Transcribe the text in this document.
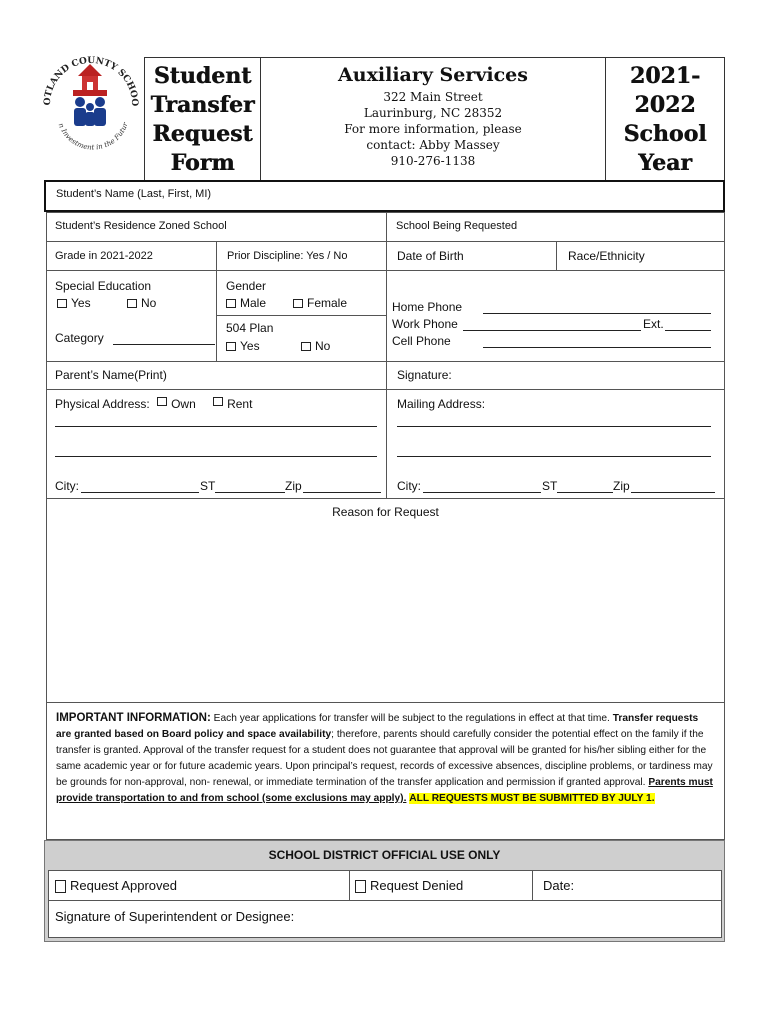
OTLAND COUNTY SCHOO
n Investment in the Futur
Student
Transfer
Request
Form
Auxiliary Services
322 Main Street
Laurinburg, NC 28352
For more information, please
contact: Abby Massey
910-276-1138
2021-2022
School
Year
Student’s Name (Last, First, MI)
Student’s Residence Zoned School	School Being Requested
Grade in 2021-2022	Prior Discipline: Yes / No	Date of Birth	Race/Ethnicity
Special Education
Yes	No
Category
Gender
Male	Female
504 Plan
Yes	No
Home Phone
Work Phone	Ext.
Cell Phone
Parent’s Name(Print)	Signature:
Physical Address: Own	Rent
City:	ST	Zip
Mailing Address:
City:	ST	Zip
Reason for Request

IMPORTANT INFORMATION: Each year applications for transfer will be subject to the regulations in effect at that time. Transfer requests are granted based on Board policy and space availability; therefore, parents should carefully consider the potential effect on the family if the transfer is granted. Approval of the transfer request for a student does not guarantee that approval will be granted for his/her sibling either for the same academic year or for future academic years. Upon principal’s request, records of excessive absences, discipline problems, or tardiness may be grounds for non-approval, non- renewal, or immediate termination of the transfer application and permission if granted approval. Parents must provide transportation to and from school (some exclusions may apply). ALL REQUESTS MUST BE SUBMITTED BY JULY 1.

SCHOOL DISTRICT OFFICIAL USE ONLY
Request Approved	Request Denied	Date:
Signature of Superintendent or Designee:
